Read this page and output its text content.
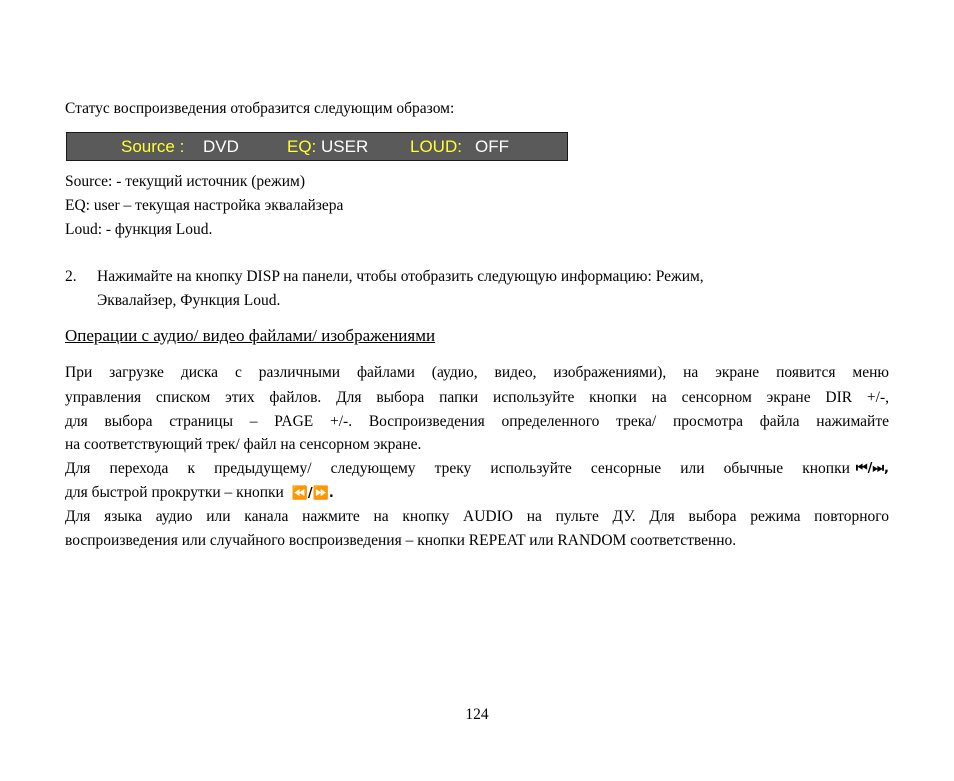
Статус воспроизведения отобразится следующим образом:
Source : DVD	EQ: USER LOUD: OFF
Source: - текущий источник (режим)
EQ: user – текущая настройка эквалайзера
Loud: - функция Loud.
2. Нажимайте на кнопку DISP на панели, чтобы отобразить следующую информацию: Режим,
Эквалайзер, Функция Loud.
Операции с аудио/ видео файлами/ изображениями
При загрузке диска с различными файлами (аудио, видео, изображениями), на экране появится меню
управления списком этих файлов. Для выбора папки используйте кнопки на сенсорном экране DIR +/-,
для выбора страницы – PAGE +/-. Воспроизведения определенного трека/ просмотра файла нажимайте
на соответствующий трек/ файл на сенсорном экране.
Для перехода к предыдущему/ следующему треку используйте сенсорные или обычные кнопки ⏮/⏭,
для быстрой прокрутки – кнопки ⏪/⏩.
Для языка аудио или канала нажмите на кнопку AUDIO на пульте ДУ. Для выбора режима повторного
воспроизведения или случайного воспроизведения – кнопки REPEAT или RANDOM соответственно.
124
